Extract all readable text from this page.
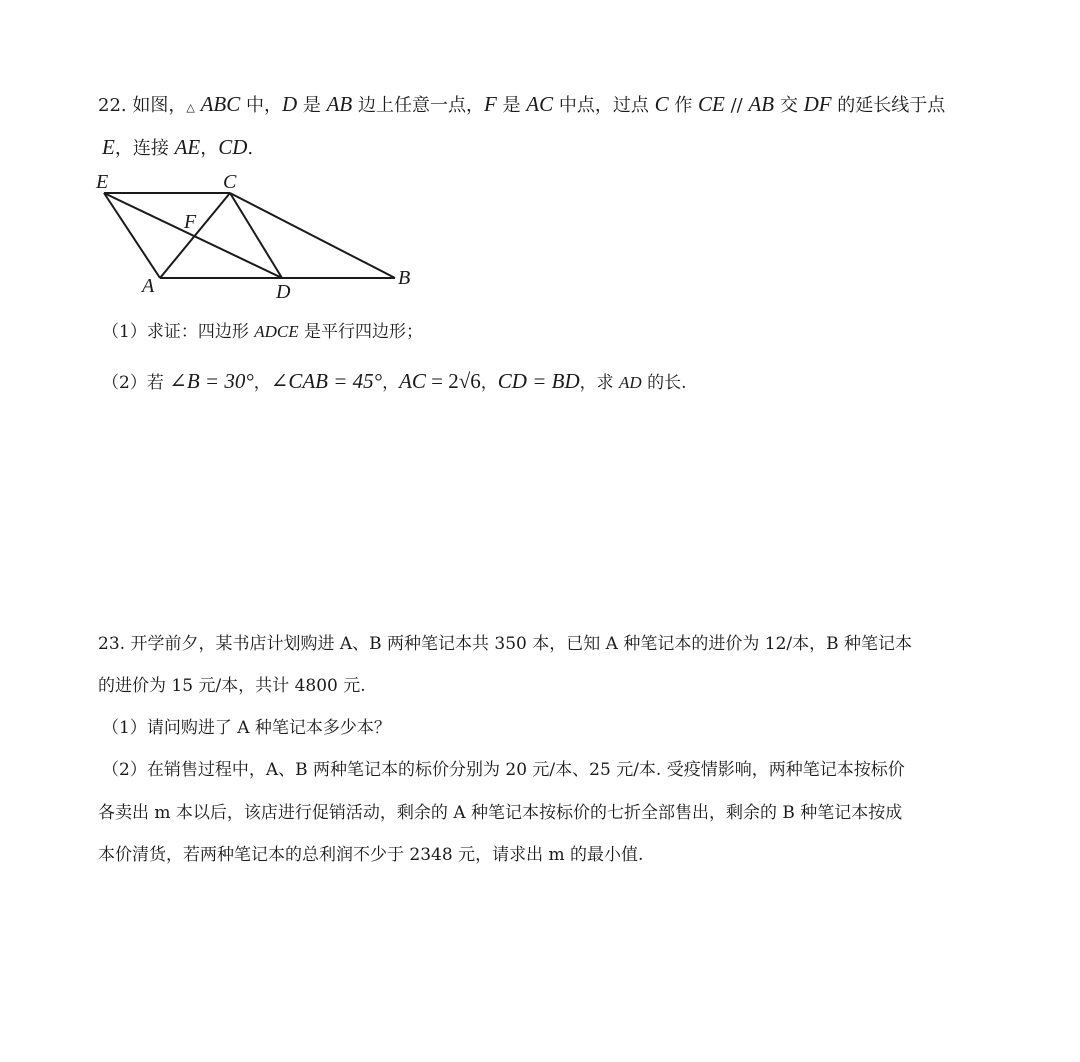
22. 如图，△ ABC 中，D 是 AB 边上任意一点，F 是 AC 中点，过点 C 作 CE // AB 交 DF 的延长线于点
E，连接 AE，CD.
E	C
F
A	D
B
（1）求证：四边形 ADCE 是平行四边形；
（2）若 ∠B = 30°，∠CAB = 45°，AC = 2√6，CD = BD，求 AD 的长.
23. 开学前夕，某书店计划购进 A、B 两种笔记本共 350 本，已知 A 种笔记本的进价为 12/本，B 种笔记本
的进价为 15 元/本，共计 4800 元.
（1）请问购进了 A 种笔记本多少本？
（2）在销售过程中，A、B 两种笔记本的标价分别为 20 元/本、25 元/本. 受疫情影响，两种笔记本按标价
各卖出 m 本以后，该店进行促销活动，剩余的 A 种笔记本按标价的七折全部售出，剩余的 B 种笔记本按成
本价清货，若两种笔记本的总利润不少于 2348 元，请求出 m 的最小值.
